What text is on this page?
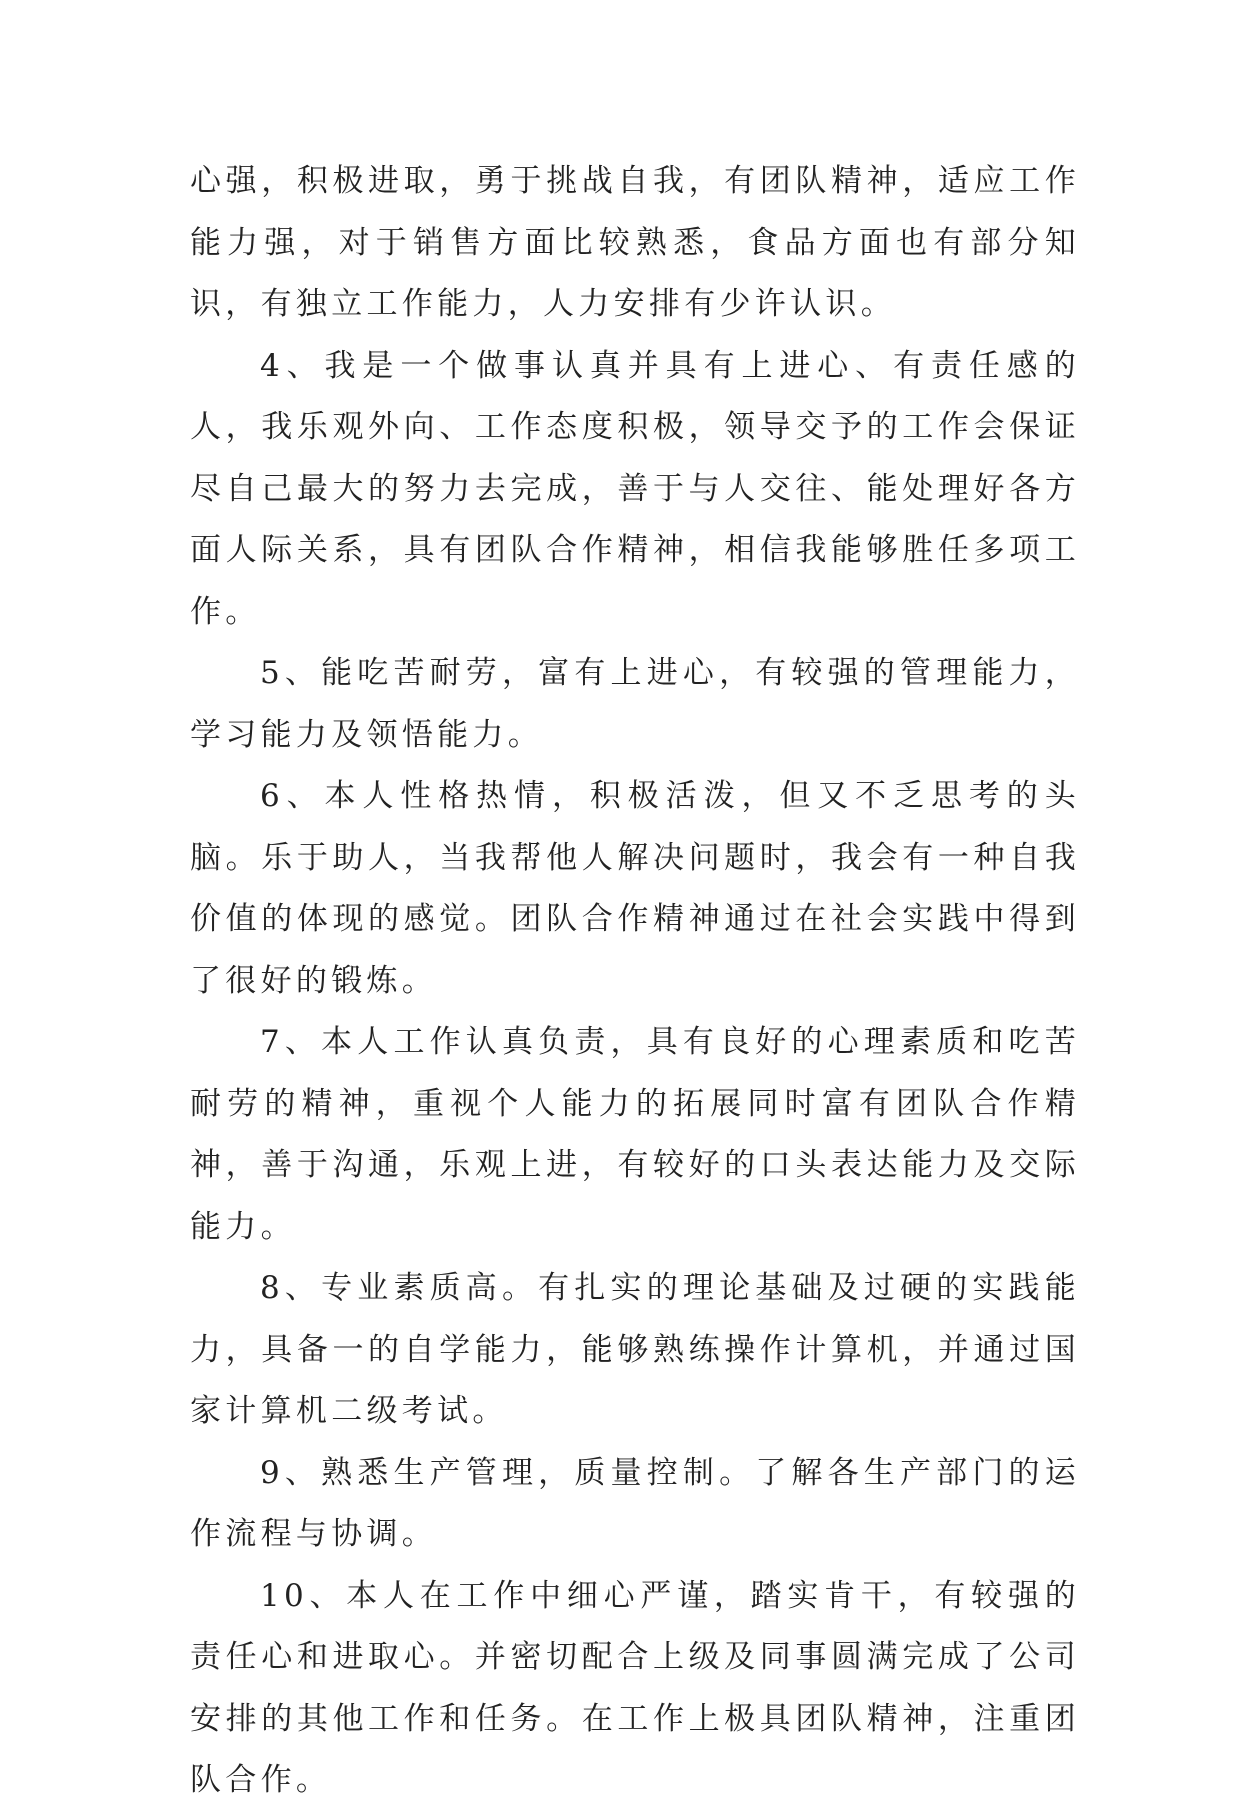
心强，积极进取，勇于挑战自我，有团队精神，适应工作能力强，对于销售方面比较熟悉，食品方面也有部分知识，有独立工作能力，人力安排有少许认识。

4、我是一个做事认真并具有上进心、有责任感的人，我乐观外向、工作态度积极，领导交予的工作会保证尽自己最大的努力去完成，善于与人交往、能处理好各方面人际关系，具有团队合作精神，相信我能够胜任多项工作。

5、能吃苦耐劳，富有上进心，有较强的管理能力，学习能力及领悟能力。

6、本人性格热情，积极活泼，但又不乏思考的头脑。乐于助人，当我帮他人解决问题时，我会有一种自我价值的体现的感觉。团队合作精神通过在社会实践中得到了很好的锻炼。

7、本人工作认真负责，具有良好的心理素质和吃苦耐劳的精神，重视个人能力的拓展同时富有团队合作精神，善于沟通，乐观上进，有较好的口头表达能力及交际能力。

8、专业素质高。有扎实的理论基础及过硬的实践能力，具备一的自学能力，能够熟练操作计算机，并通过国家计算机二级考试。

9、熟悉生产管理，质量控制。了解各生产部门的运作流程与协调。

10、本人在工作中细心严谨，踏实肯干，有较强的责任心和进取心。并密切配合上级及同事圆满完成了公司安排的其他工作和任务。在工作上极具团队精神，注重团队合作。
